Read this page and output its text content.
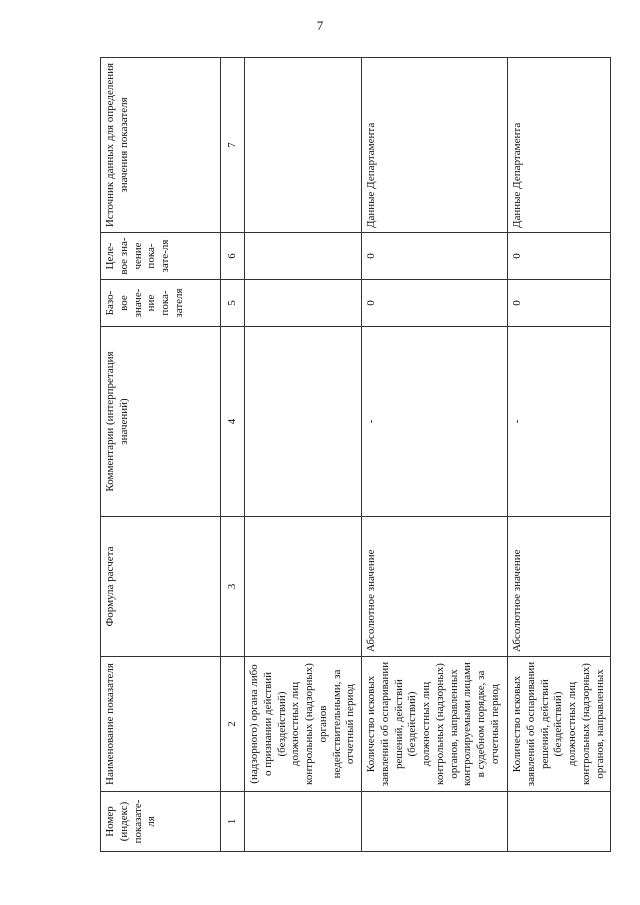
7
Номер (индекс) показате-ля	Наименование показателя	Формула расчета	Комментарии (интерпретация значений)	Базо-вое значе-ние пока-зателя	Целе-вое зна-чение пока-зате-ля	Источник данных для определения значения показателя
1	2	3	4	5	6	7
	(надзорного) органа либо о признании действий (бездействий) должностных лиц контрольных (надзорных) органов недействительными, за отчетный период					
	Количество исковых заявлений об оспаривании решений, действий (бездействий) должностных лиц контрольных (надзорных) органов, направленных контролируемыми лицами в судебном порядке, за отчетный период	Абсолютное значение	-	0	0	Данные Департамента
	Количество исковых заявлений об оспаривании решений, действий (бездействий) должностных лиц контрольных (надзорных) органов, направленных	Абсолютное значение	-	0	0	Данные Департамента
